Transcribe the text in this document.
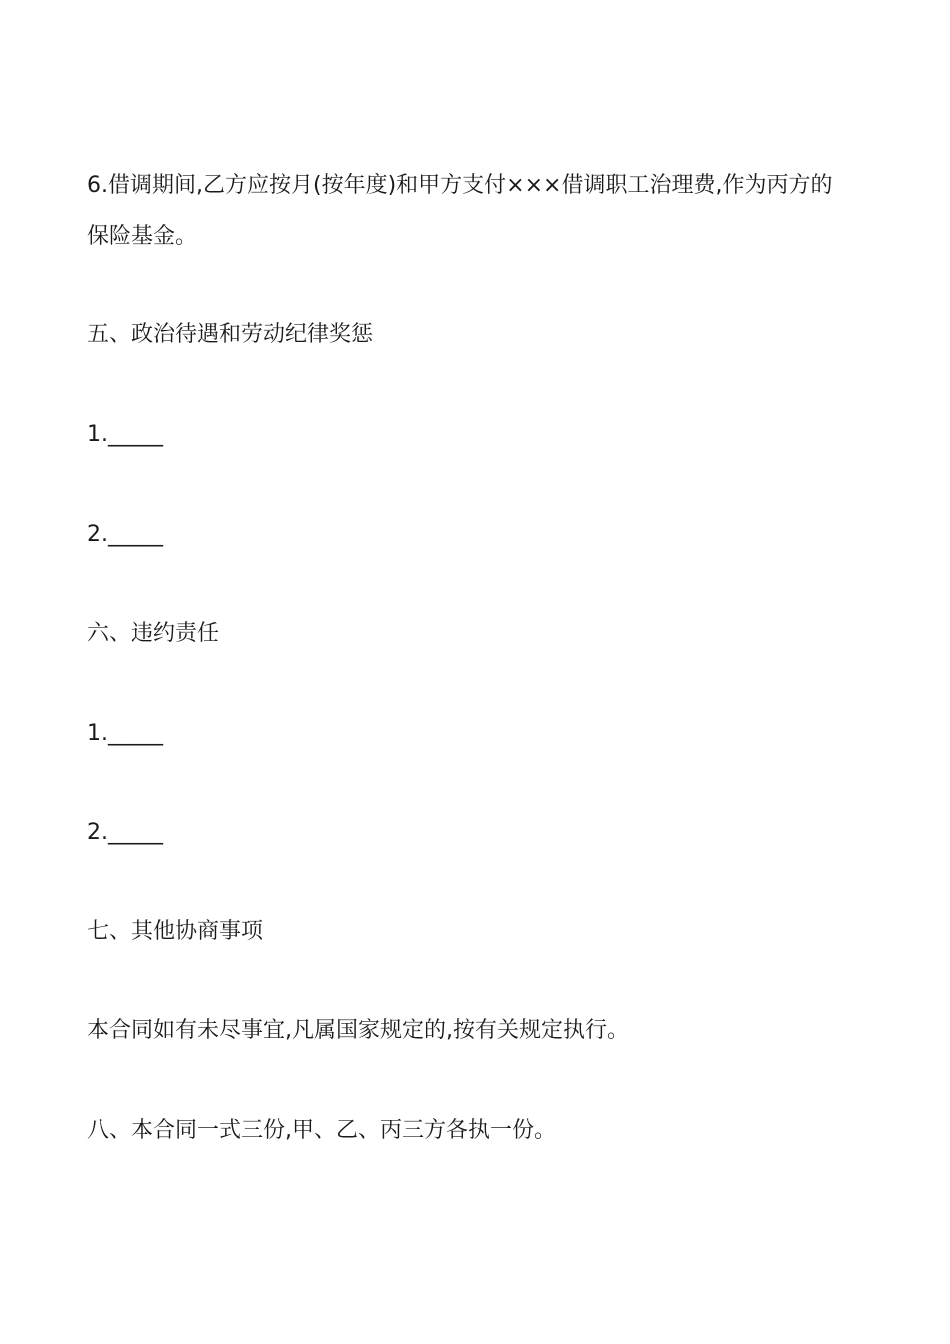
6.借调期间,乙方应按月(按年度)和甲方支付×××借调职工治理费,作为丙方的
保险基金。
五、政治待遇和劳动纪律奖惩
1._____
2._____
六、违约责任
1._____
2._____
七、其他协商事项
本合同如有未尽事宜,凡属国家规定的,按有关规定执行。
八、本合同一式三份,甲、乙、丙三方各执一份。
